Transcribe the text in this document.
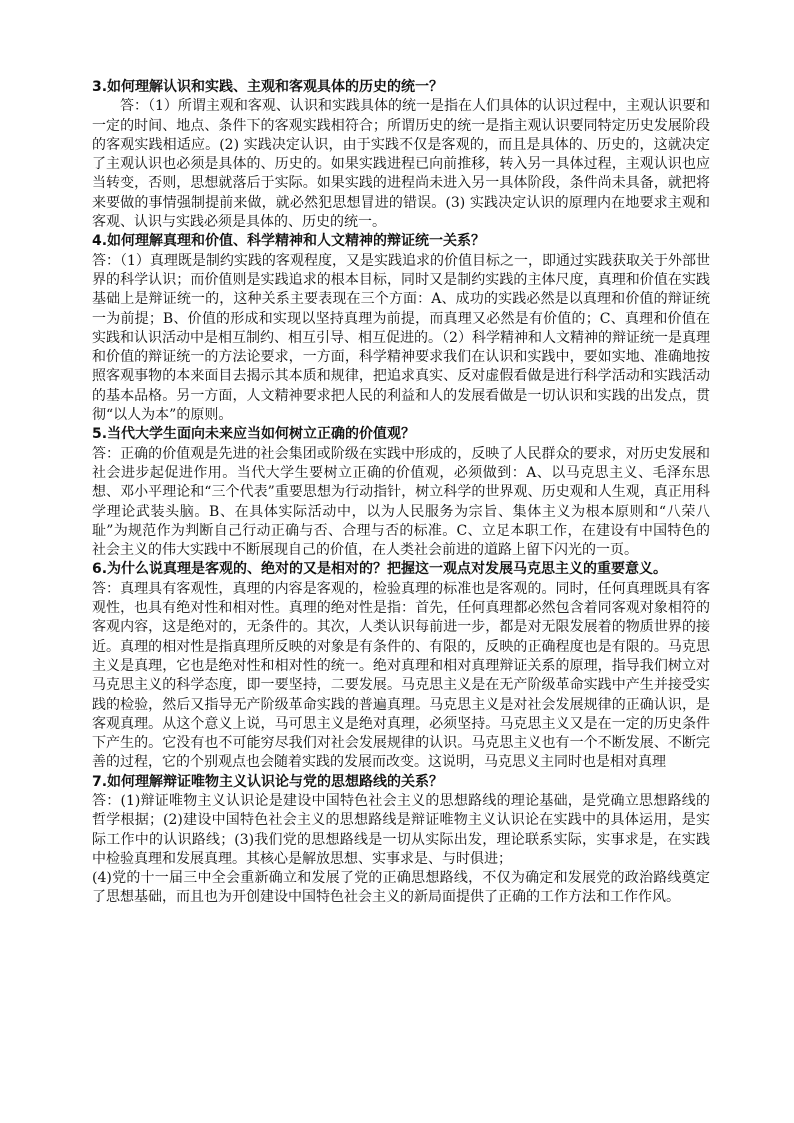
3.如何理解认识和实践、主观和客观具体的历史的统一？

答：（1）所谓主观和客观、认识和实践具体的统一是指在人们具体的认识过程中，主观认识要和一定的时间、地点、条件下的客观实践相符合；所谓历史的统一是指主观认识要同特定历史发展阶段的客观实践相适应。(2) 实践决定认识，由于实践不仅是客观的，而且是具体的、历史的，这就决定了主观认识也必须是具体的、历史的。如果实践进程已向前推移，转入另一具体过程，主观认识也应当转变，否则，思想就落后于实际。如果实践的进程尚未进入另一具体阶段，条件尚未具备，就把将来要做的事情强制提前来做，就必然犯思想冒进的错误。(3) 实践决定认识的原理内在地要求主观和客观、认识与实践必须是具体的、历史的统一。

4.如何理解真理和价值、科学精神和人文精神的辩证统一关系？

答：（1）真理既是制约实践的客观程度，又是实践追求的价值目标之一，即通过实践获取关于外部世界的科学认识；而价值则是实践追求的根本目标，同时又是制约实践的主体尺度，真理和价值在实践基础上是辩证统一的，这种关系主要表现在三个方面：A、成功的实践必然是以真理和价值的辩证统一为前提；B、价值的形成和实现以坚持真理为前提，而真理又必然是有价值的；C、真理和价值在实践和认识活动中是相互制约、相互引导、相互促进的。（2）科学精神和人文精神的辩证统一是真理和价值的辩证统一的方法论要求，一方面，科学精神要求我们在认识和实践中，要如实地、准确地按照客观事物的本来面目去揭示其本质和规律，把追求真实、反对虚假看做是进行科学活动和实践活动的基本品格。另一方面，人文精神要求把人民的利益和人的发展看做是一切认识和实践的出发点，贯彻“以人为本”的原则。

5.当代大学生面向未来应当如何树立正确的价值观？

答：正确的价值观是先进的社会集团或阶级在实践中形成的，反映了人民群众的要求，对历史发展和社会进步起促进作用。当代大学生要树立正确的价值观，必须做到：A、以马克思主义、毛泽东思想、邓小平理论和“三个代表”重要思想为行动指针，树立科学的世界观、历史观和人生观，真正用科学理论武装头脑。B、在具体实际活动中，以为人民服务为宗旨、集体主义为根本原则和“八荣八耻”为规范作为判断自己行动正确与否、合理与否的标准。C、立足本职工作，在建设有中国特色的社会主义的伟大实践中不断展现自己的价值，在人类社会前进的道路上留下闪光的一页。

6.为什么说真理是客观的、绝对的又是相对的？把握这一观点对发展马克思主义的重要意义。

答：真理具有客观性，真理的内容是客观的，检验真理的标准也是客观的。同时，任何真理既具有客观性，也具有绝对性和相对性。真理的绝对性是指：首先，任何真理都必然包含着同客观对象相符的客观内容，这是绝对的，无条件的。其次，人类认识每前进一步，都是对无限发展着的物质世界的接近。真理的相对性是指真理所反映的对象是有条件的、有限的，反映的正确程度也是有限的。马克思主义是真理，它也是绝对性和相对性的统一。绝对真理和相对真理辩证关系的原理，指导我们树立对马克思主义的科学态度，即一要坚持，二要发展。马克思主义是在无产阶级革命实践中产生并接受实践的检验，然后又指导无产阶级革命实践的普遍真理。马克思主义是对社会发展规律的正确认识，是客观真理。从这个意义上说，马可思主义是绝对真理，必须坚持。马克思主义又是在一定的历史条件下产生的。它没有也不可能穷尽我们对社会发展规律的认识。马克思主义也有一个不断发展、不断完善的过程，它的个别观点也会随着实践的发展而改变。这说明，马克思义主同时也是相对真理

7.如何理解辩证唯物主义认识论与党的思想路线的关系？

答：(1)辩证唯物主义认识论是建设中国特色社会主义的思想路线的理论基础，是党确立思想路线的哲学根据；(2)建设中国特色社会主义的思想路线是辩证唯物主义认识论在实践中的具体运用，是实际工作中的认识路线；(3)我们党的思想路线是一切从实际出发，理论联系实际，实事求是，在实践中检验真理和发展真理。其核心是解放思想、实事求是、与时俱进；

(4)党的十一届三中全会重新确立和发展了党的正确思想路线，不仅为确定和发展党的政治路线奠定了思想基础，而且也为开创建设中国特色社会主义的新局面提供了正确的工作方法和工作作风。
